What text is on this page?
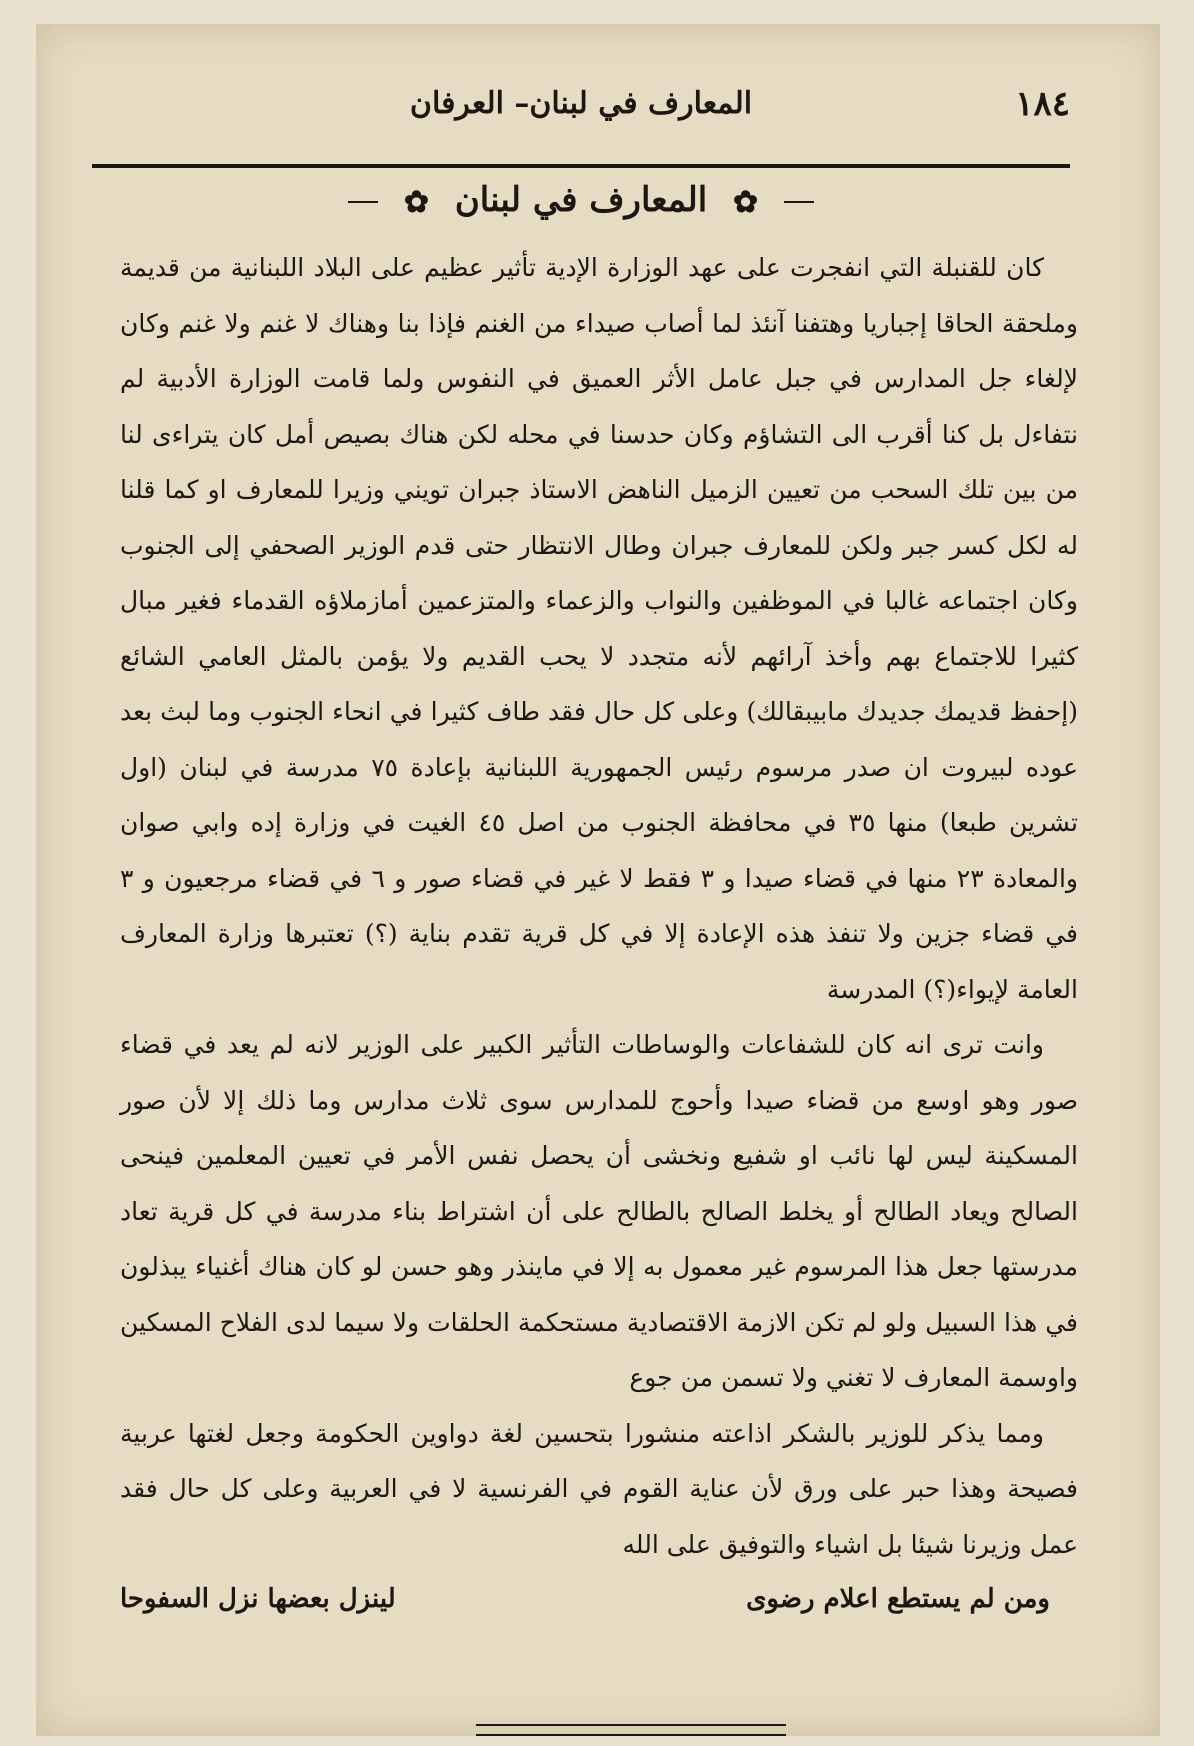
١٨٤
المعارف في لبنان– العرفان
✿ المعارف في لبنان ✿

كان للقنبلة التي انفجرت على عهد الوزارة الإدية تأثير عظيم على البلاد اللبنانية من قديمة وملحقة الحاقا إجباريا وهتفنا آنئذ لما أصاب صيداء من الغنم فإذا بنا وهناك لا غنم ولا غنم وكان لإلغاء جل المدارس في جبل عامل الأثر العميق في النفوس ولما قامت الوزارة الأدبية لم نتفاءل بل كنا أقرب الى التشاؤم وكان حدسنا في محله لكن هناك بصيص أمل كان يتراءى لنا من بين تلك السحب من تعيين الزميل الناهض الاستاذ جبران تويني وزيرا للمعارف او كما قلنا له لكل كسر جبر ولكن للمعارف جبران وطال الانتظار حتى قدم الوزير الصحفي إلى الجنوب وكان اجتماعه غالبا في الموظفين والنواب والزعماء والمتزعمين أمازملاؤه القدماء فغير مبال كثيرا للاجتماع بهم وأخذ آرائهم لأنه متجدد لا يحب القديم ولا يؤمن بالمثل العامي الشائع (إحفظ قديمك جديدك مابيبقالك) وعلى كل حال فقد طاف كثيرا في انحاء الجنوب وما لبث بعد عوده لبيروت ان صدر مرسوم رئيس الجمهورية اللبنانية بإعادة ٧٥ مدرسة في لبنان (اول تشرين طبعا) منها ٣٥ في محافظة الجنوب من اصل ٤٥ الغيت في وزارة إده وابي صوان والمعادة ٢٣ منها في قضاء صيدا و ٣ فقط لا غير في قضاء صور و ٦ في قضاء مرجعيون و ٣ في قضاء جزين ولا تنفذ هذه الإعادة إلا في كل قرية تقدم بناية (؟) تعتبرها وزارة المعارف العامة لإيواء(؟) المدرسة

وانت ترى انه كان للشفاعات والوساطات التأثير الكبير على الوزير لانه لم يعد في قضاء صور وهو اوسع من قضاء صيدا وأحوج للمدارس سوى ثلاث مدارس وما ذلك إلا لأن صور المسكينة ليس لها نائب او شفيع ونخشى أن يحصل نفس الأمر في تعيين المعلمين فينحى الصالح ويعاد الطالح أو يخلط الصالح بالطالح على أن اشتراط بناء مدرسة في كل قرية تعاد مدرستها جعل هذا المرسوم غير معمول به إلا في ماينذر وهو حسن لو كان هناك أغنياء يبذلون في هذا السبيل ولو لم تكن الازمة الاقتصادية مستحكمة الحلقات ولا سيما لدى الفلاح المسكين واوسمة المعارف لا تغني ولا تسمن من جوع

ومما يذكر للوزير بالشكر اذاعته منشورا بتحسين لغة دواوين الحكومة وجعل لغتها عربية فصيحة وهذا حبر على ورق لأن عناية القوم في الفرنسية لا في العربية وعلى كل حال فقد عمل وزيرنا شيئا بل اشياء والتوفيق على الله

ومن لم يستطع اعلام رضوى
لينزل بعضها نزل السفوحا
